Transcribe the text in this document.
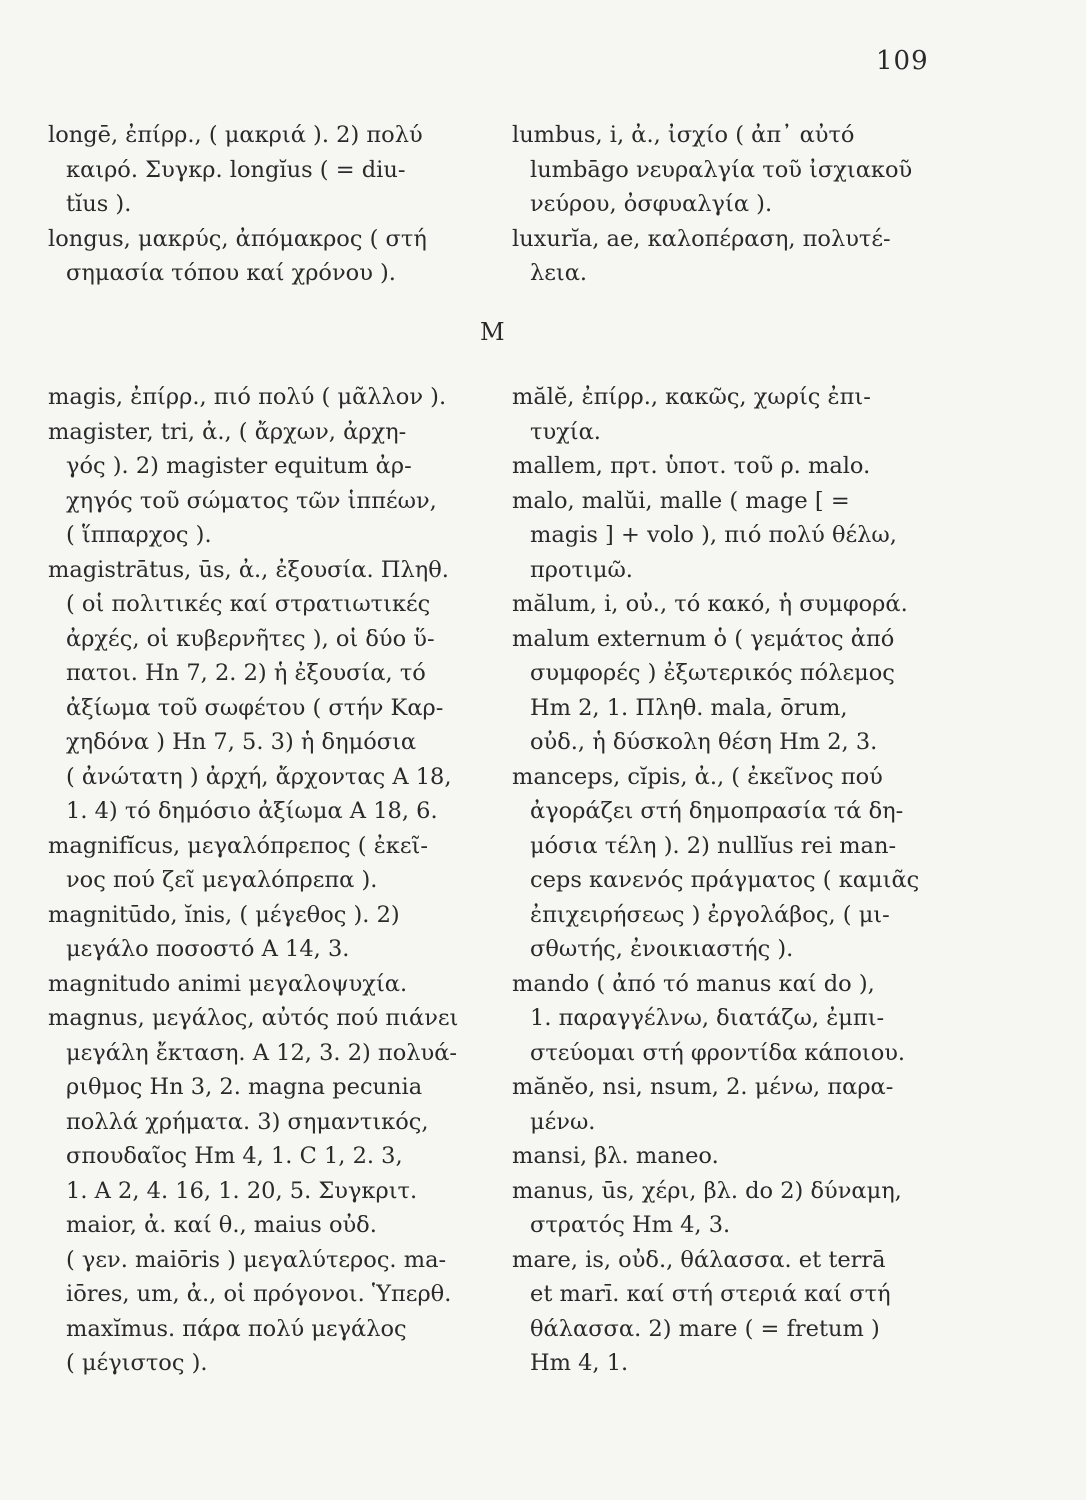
109
longē, ἐπίρρ., ( μακριά ). 2) πολύ
καιρό. Συγκρ. longĭus ( = diu-
tĭus ).
longus, μακρύς, ἀπόμακρος ( στή
σημασία τόπου καί χρόνου ).
lumbus, i, ἀ., ἰσχίο ( ἀπ᾽ αὐτό
lumbāgo νευραλγία τοῦ ἰσχιακοῦ
νεύρου, ὀσφυαλγία ).
luxurĭa, ae, καλοπέραση, πολυτέ-
λεια.
M
magis, ἐπίρρ., πιό πολύ ( μᾶλλον ).
magister, tri, ἀ., ( ἄρχων, ἀρχη-
γός ). 2) magister equitum ἀρ-
χηγός τοῦ σώματος τῶν ἱππέων,
( ἵππαρχος ).
magistrātus, ūs, ἀ., ἐξουσία. Πληθ.
( οἱ πολιτικές καί στρατιωτικές
ἀρχές, οἱ κυβερνῆτες ), οἱ δύο ὕ-
πατοι. Hn 7, 2. 2) ἡ ἐξουσία, τό
ἀξίωμα τοῦ σωφέτου ( στήν Καρ-
χηδόνα ) Hn 7, 5. 3) ἡ δημόσια
( ἀνώτατη ) ἀρχή, ἄρχοντας A 18,
1. 4) τό δημόσιο ἀξίωμα A 18, 6.
magnifĭcus, μεγαλόπρεπος ( ἐκεῖ-
νος πού ζεῖ μεγαλόπρεπα ).
magnitūdo, ĭnis, ( μέγεθος ). 2)
μεγάλο ποσοστό A 14, 3.
magnitudo animi μεγαλοψυχία.
magnus, μεγάλος, αὐτός πού πιάνει
μεγάλη ἔκταση. A 12, 3. 2) πολυά-
ριθμος Hn 3, 2. magna pecunia
πολλά χρήματα. 3) σημαντικός,
σπουδαῖος Hm 4, 1. C 1, 2. 3,
1. A 2, 4. 16, 1. 20, 5. Συγκριτ.
maior, ἀ. καί θ., maius οὐδ.
( γεν. maiōris ) μεγαλύτερος. ma-
iōres, um, ἀ., οἱ πρόγονοι. Ὑπερθ.
maxĭmus. πάρα πολύ μεγάλος
( μέγιστος ).
mălĕ, ἐπίρρ., κακῶς, χωρίς ἐπι-
τυχία.
mallem, πρτ. ὑποτ. τοῦ ρ. malo.
malo, malŭi, malle ( mage [ =
magis ] + volo ), πιό πολύ θέλω,
προτιμῶ.
mălum, i, οὐ., τό κακό, ἡ συμφορά.
malum externum ὁ ( γεμάτος ἀπό
συμφορές ) ἐξωτερικός πόλεμος
Hm 2, 1. Πληθ. mala, ōrum,
οὐδ., ἡ δύσκολη θέση Hm 2, 3.
manceps, cĭpis, ἀ., ( ἐκεῖνος πού
ἀγοράζει στή δημοπρασία τά δη-
μόσια τέλη ). 2) nullĭus rei man-
ceps κανενός πράγματος ( καμιᾶς
ἐπιχειρήσεως ) ἐργολάβος, ( μι-
σθωτής, ἐνοικιαστής ).
mando ( ἀπό τό manus καί do ),
1. παραγγέλνω, διατάζω, ἐμπι-
στεύομαι στή φροντίδα κάποιου.
mănĕo, nsi, nsum, 2. μένω, παρα-
μένω.
mansi, βλ. maneo.
manus, ūs, χέρι, βλ. do 2) δύναμη,
στρατός Hm 4, 3.
mare, is, οὐδ., θάλασσα. et terrā
et marī. καί στή στεριά καί στή
θάλασσα. 2) mare ( = fretum )
Hm 4, 1.
